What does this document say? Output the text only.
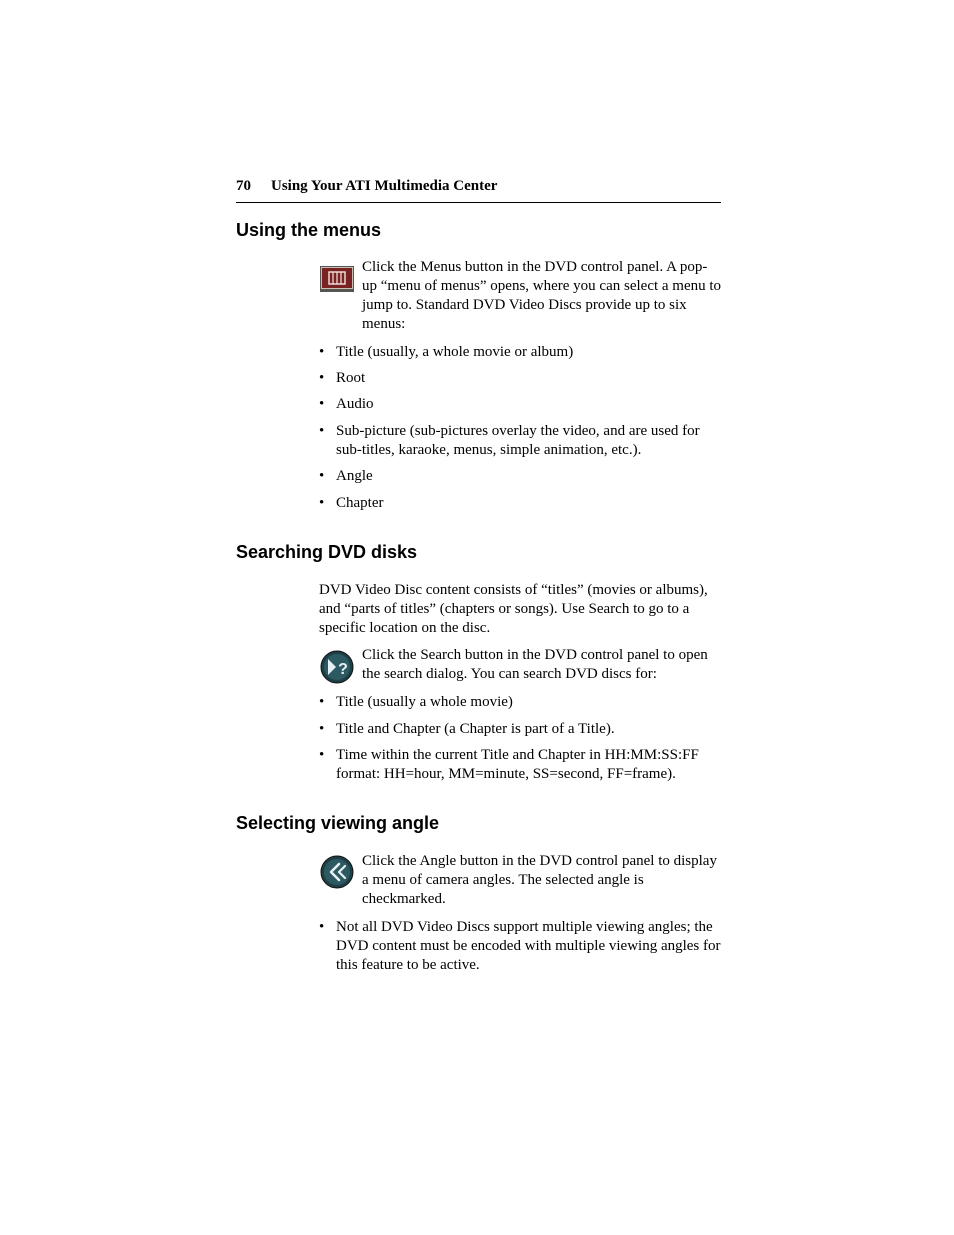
70 Using Your ATI Multimedia Center
Using the menus

Click the Menus button in the DVD control panel. A pop-up “menu of menus” opens, where you can select a menu to jump to. Standard DVD Video Discs provide up to six menus:

• Title (usually, a whole movie or album)
• Root
• Audio
• Sub-picture (sub-pictures overlay the video, and are used for sub-titles, karaoke, menus, simple animation, etc.).
• Angle
• Chapter
Searching DVD disks

DVD Video Disc content consists of “titles” (movies or albums), and “parts of titles” (chapters or songs). Use Search to go to a specific location on the disc.

?

Click the Search button in the DVD control panel to open the search dialog. You can search DVD discs for:

• Title (usually a whole movie)
• Title and Chapter (a Chapter is part of a Title).
• Time within the current Title and Chapter in HH:MM:SS:FF format: HH=hour, MM=minute, SS=second, FF=frame).
Selecting viewing angle

Click the Angle button in the DVD control panel to display a menu of camera angles. The selected angle is checkmarked.

• Not all DVD Video Discs support multiple viewing angles; the DVD content must be encoded with multiple viewing angles for this feature to be active.
